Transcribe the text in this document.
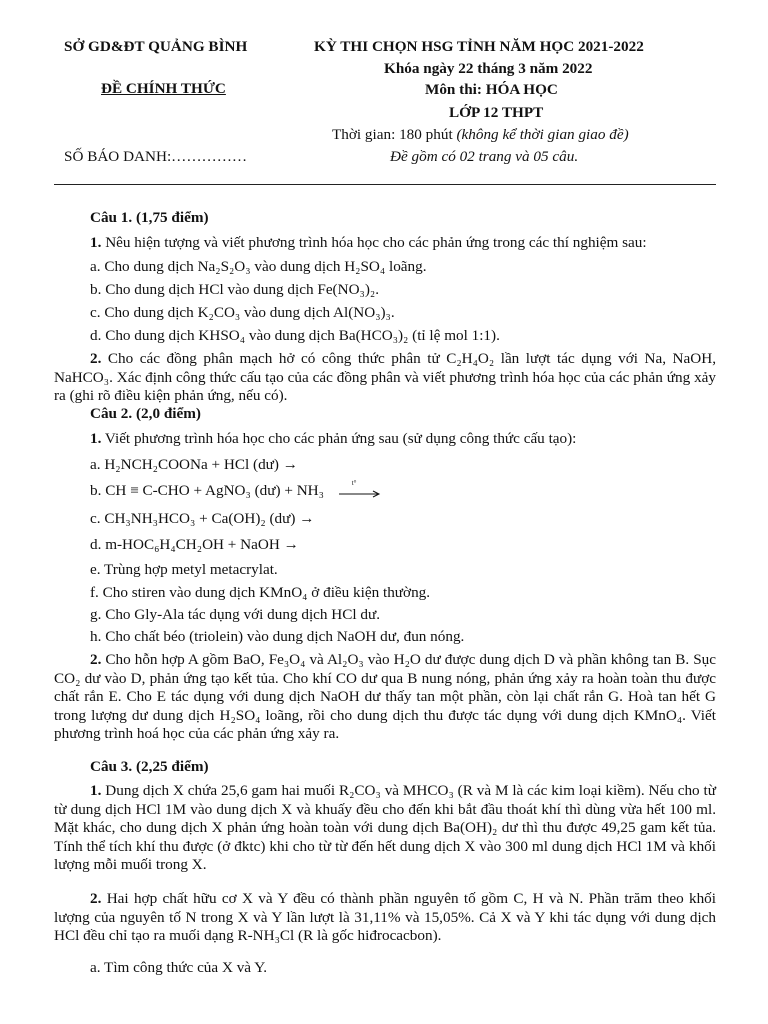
SỞ GD&ĐT QUẢNG BÌNH
ĐỀ CHÍNH THỨC
SỐ BÁO DANH:……………
KỲ THI CHỌN HSG TỈNH NĂM HỌC 2021-2022
Khóa ngày 22 tháng 3 năm 2022
Môn thi: HÓA HỌC
LỚP 12 THPT
Thời gian: 180 phút (không kể thời gian giao đề)
Đề gồm có 02 trang và 05 câu.
Câu 1. (1,75 điểm)
1. Nêu hiện tượng và viết phương trình hóa học cho các phản ứng trong các thí nghiệm sau:
a. Cho dung dịch Na₂S₂O₃ vào dung dịch H₂SO₄ loãng.
b. Cho dung dịch HCl vào dung dịch Fe(NO₃)₂.
c. Cho dung dịch K₂CO₃ vào dung dịch Al(NO₃)₃.
d. Cho dung dịch KHSO₄ vào dung dịch Ba(HCO₃)₂ (tỉ lệ mol 1:1).
2. Cho các đồng phân mạch hở có công thức phân tử C₂H₄O₂ lần lượt tác dụng với Na, NaOH, NaHCO₃. Xác định công thức cấu tạo của các đồng phân và viết phương trình hóa học của các phản ứng xảy ra (ghi rõ điều kiện phản ứng, nếu có).
Câu 2. (2,0 điểm)
1. Viết phương trình hóa học cho các phản ứng sau (sử dụng công thức cấu tạo):
a. H₂NCH₂COONa + HCl (dư) →
b. CH ≡ C-CHO + AgNO₃ (dư) + NH₃	t°
c. CH₃NH₃HCO₃ + Ca(OH)₂ (dư) →
d. m-HOC₆H₄CH₂OH + NaOH →
e. Trùng hợp metyl metacrylat.
f. Cho stiren vào dung dịch KMnO₄ ở điều kiện thường.
g. Cho Gly-Ala tác dụng với dung dịch HCl dư.
h. Cho chất béo (triolein) vào dung dịch NaOH dư, đun nóng.
2. Cho hỗn hợp A gồm BaO, Fe₃O₄ và Al₂O₃ vào H₂O dư được dung dịch D và phần không tan B. Sục CO₂ dư vào D, phản ứng tạo kết tủa. Cho khí CO dư qua B nung nóng, phản ứng xảy ra hoàn toàn thu được chất rắn E. Cho E tác dụng với dung dịch NaOH dư thấy tan một phần, còn lại chất rắn G. Hoà tan hết G trong lượng dư dung dịch H₂SO₄ loãng, rồi cho dung dịch thu được tác dụng với dung dịch KMnO₄. Viết phương trình hoá học của các phản ứng xảy ra.
Câu 3. (2,25 điểm)
1. Dung dịch X chứa 25,6 gam hai muối R₂CO₃ và MHCO₃ (R và M là các kim loại kiềm). Nếu cho từ từ dung dịch HCl 1M vào dung dịch X và khuấy đều cho đến khi bắt đầu thoát khí thì dùng vừa hết 100 ml. Mặt khác, cho dung dịch X phản ứng hoàn toàn với dung dịch Ba(OH)₂ dư thì thu được 49,25 gam kết tủa. Tính thể tích khí thu được (ở đktc) khi cho từ từ đến hết dung dịch X vào 300 ml dung dịch HCl 1M và khối lượng mỗi muối trong X.
2. Hai hợp chất hữu cơ X và Y đều có thành phần nguyên tố gồm C, H và N. Phần trăm theo khối lượng của nguyên tố N trong X và Y lần lượt là 31,11% và 15,05%. Cả X và Y khi tác dụng với dung dịch HCl đều chỉ tạo ra muối dạng R-NH₃Cl (R là gốc hiđrocacbon).
a. Tìm công thức của X và Y.
